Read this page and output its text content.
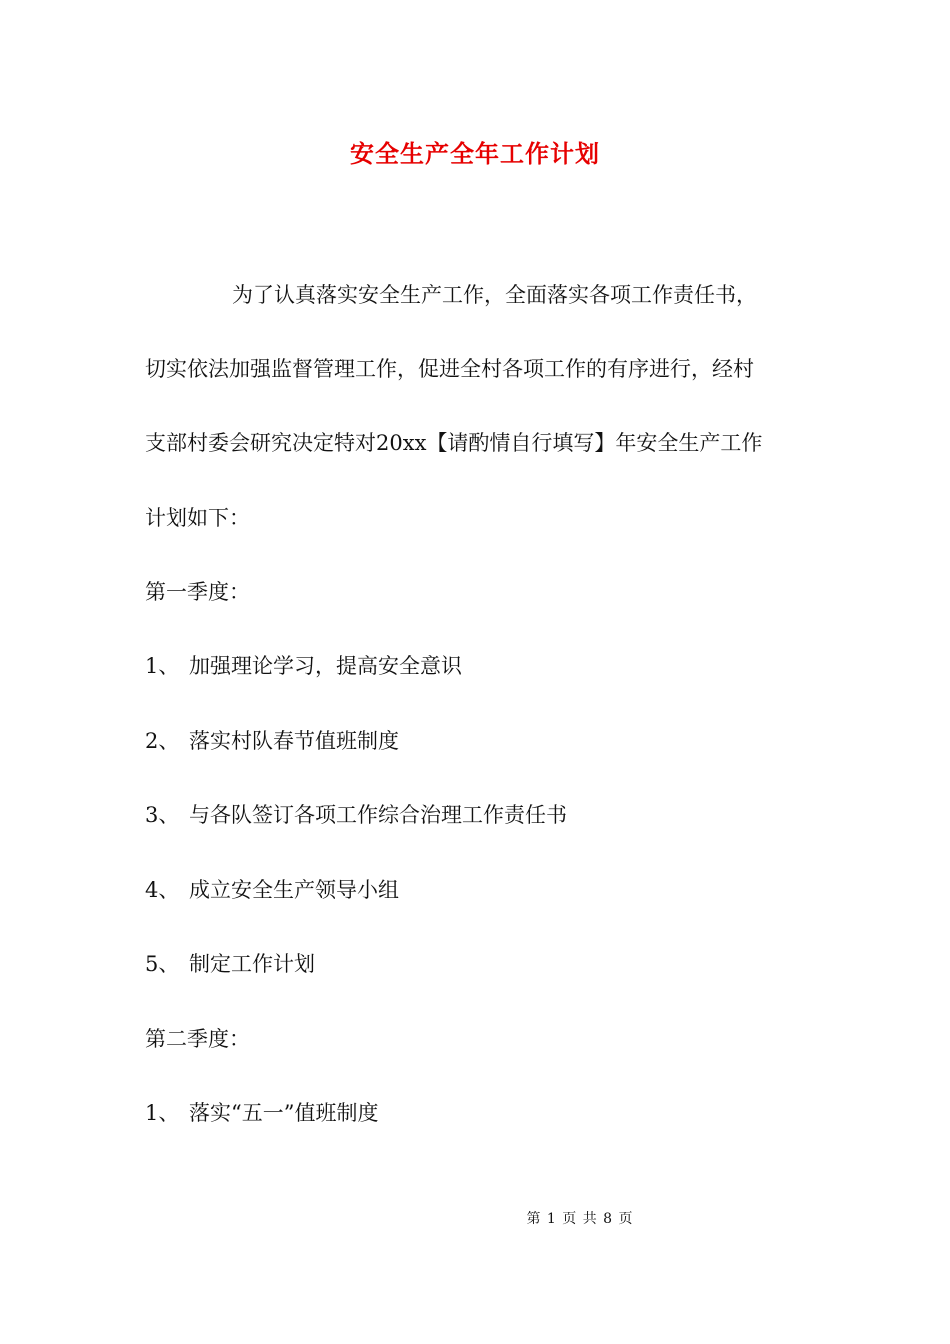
安全生产全年工作计划
为了认真落实安全生产工作，全面落实各项工作责任书，
切实依法加强监督管理工作，促进全村各项工作的有序进行，经村
支部村委会研究决定特对20xx【请酌情自行填写】年安全生产工作
计划如下：
第一季度：
1、 加强理论学习，提高安全意识
2、 落实村队春节值班制度
3、 与各队签订各项工作综合治理工作责任书
4、 成立安全生产领导小组
5、 制定工作计划
第二季度：
1、 落实“五一”值班制度
第 1 页 共 8 页
